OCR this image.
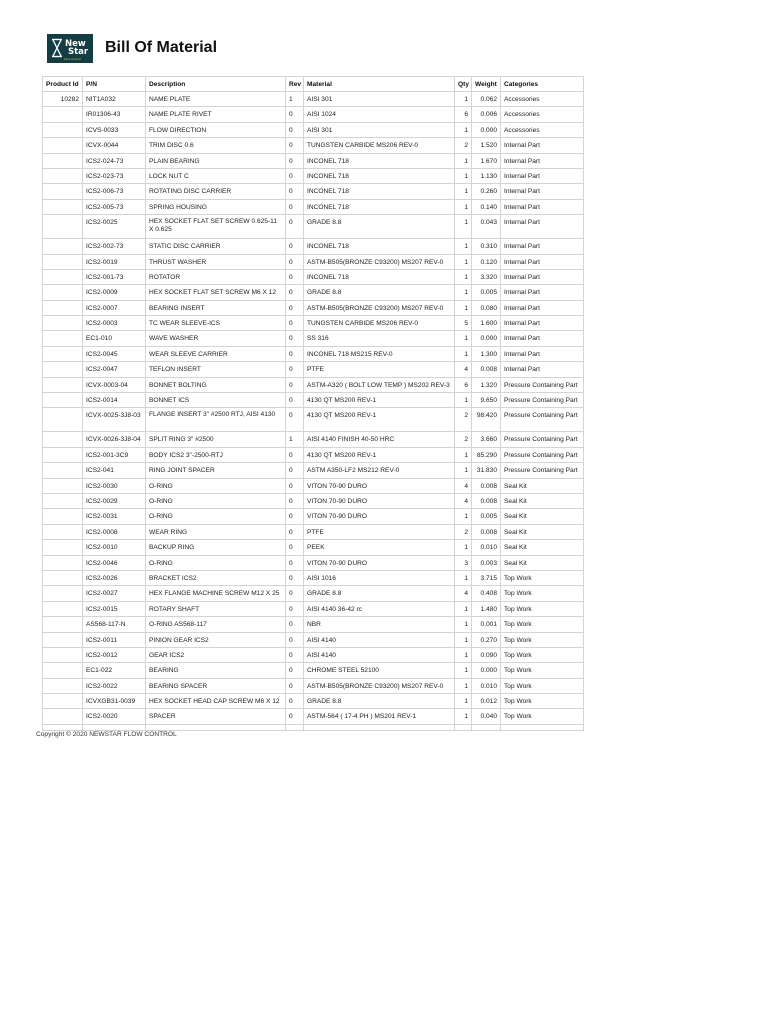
New
Star
Flow Control
Bill Of Material
Product Id	P/N	Description	Rev	Material	Qty	Weight	Categories
10282	NIT1A032	NAME PLATE	1	AISI 301	1	0.062	Accessories
	IR01306-43	NAME PLATE RIVET	0	AISI 1024	6	0.006	Accessories
	ICVS-0033	FLOW DIRECTION	0	AISI 301	1	0.000	Accessories
	ICVX-0044	TRIM DISC 0.6	0	TUNGSTEN CARBIDE MS206 REV-0	2	1.520	Internal Part
	ICS2-024-73	PLAIN BEARING	0	INCONEL 718	1	1.670	Internal Part
	ICS2-023-73	LOCK NUT C	0	INCONEL 718	1	1.130	Internal Part
	ICS2-006-73	ROTATING DISC CARRIER	0	INCONEL 718	1	0.260	Internal Part
	ICS2-005-73	SPRING HOUSING	0	INCONEL 718	1	0.140	Internal Part
	ICS2-0025	HEX SOCKET FLAT SET SCREW 0.625-11 X 0.625	0	GRADE 8.8	1	0.043	Internal Part
	ICS2-002-73	STATIC DISC CARRIER	0	INCONEL 718	1	0.310	Internal Part
	ICS2-0019	THRUST WASHER	0	ASTM-B505(BRONZE C93200) MS207 REV-0	1	0.120	Internal Part
	ICS2-001-73	ROTATOR	0	INCONEL 718	1	3.320	Internal Part
	ICS2-0009	HEX SOCKET FLAT SET SCREW M6 X 12	0	GRADE 8.8	1	0.005	Internal Part
	ICS2-0007	BEARING INSERT	0	ASTM-B505(BRONZE C93200) MS207 REV-0	1	0.080	Internal Part
	ICS2-0003	TC WEAR SLEEVE-ICS	0	TUNGSTEN CARBIDE MS206 REV-0	5	1.600	Internal Part
	EC1-010	WAVE WASHER	0	SS 316	1	0.000	Internal Part
	ICS2-0045	WEAR SLEEVE CARRIER	0	INCONEL 718 MS215 REV-0	1	1.300	Internal Part
	ICS2-0047	TEFLON INSERT	0	PTFE	4	0.008	Internal Part
	ICVX-0003-04	BONNET BOLTING	0	ASTM-A320 ( BOLT LOW TEMP ) MS202 REV-3	6	1.320	Pressure Containing Part
	ICS2-0014	BONNET ICS	0	4130 QT MS200 REV-1	1	9.650	Pressure Containing Part
	ICVX-0025-3J8-03	FLANGE INSERT 3" #2500 RTJ, AISI 4130	0	4130 QT MS200 REV-1	2	98.420	Pressure Containing Part
	ICVX-0026-3J8-04	SPLIT RING 3" #2500	1	AISI 4140 FINISH 40-50 HRC	2	3.660	Pressure Containing Part
	ICS2-001-3C9	BODY ICS2 3"-2500-RTJ	0	4130 QT MS200 REV-1	1	85.290	Pressure Containing Part
	ICS2-041	RING JOINT SPACER	0	ASTM A350-LF2 MS212 REV-0	1	31.830	Pressure Containing Part
	ICS2-0030	O-RING	0	VITON 70-90 DURO	4	0.008	Seal Kit
	ICS2-0029	O-RING	0	VITON 70-90 DURO	4	0.008	Seal Kit
	ICS2-0031	O-RING	0	VITON 70-90 DURO	1	0.005	Seal Kit
	ICS2-0008	WEAR RING	0	PTFE	2	0.008	Seal Kit
	ICS2-0010	BACKUP RING	0	PEEK	1	0.010	Seal Kit
	ICS2-0046	O-RING	0	VITON 70-90 DURO	3	0.003	Seal Kit
	ICS2-0026	BRACKET ICS2	0	AISI 1016	1	3.715	Top Work
	ICS2-0027	HEX FLANGE MACHINE SCREW M12 X 25	0	GRADE 8.8	4	0.408	Top Work
	ICS2-0015	ROTARY SHAFT	0	AISI 4140 36-42 rc	1	1.480	Top Work
	AS568-117-N	O-RING AS568-117	0	NBR	1	0.001	Top Work
	ICS2-0011	PINION GEAR ICS2	0	AISI 4140	1	0.270	Top Work
	ICS2-0012	GEAR ICS2	0	AISI 4140	1	0.090	Top Work
	EC1-022	BEARING	0	CHROME STEEL 52100	1	0.000	Top Work
	ICS2-0022	BEARING SPACER	0	ASTM-B505(BRONZE C93200) MS207 REV-0	1	0.010	Top Work
	ICVXGB31-0039	HEX SOCKET HEAD CAP SCREW M6 X 12	0	GRADE 8.8	1	0.012	Top Work
	ICS2-0020	SPACER	0	ASTM-564 ( 17-4 PH ) MS201 REV-1	1	0.040	Top Work

Copyright © 2020 NEWSTAR FLOW CONTROL
